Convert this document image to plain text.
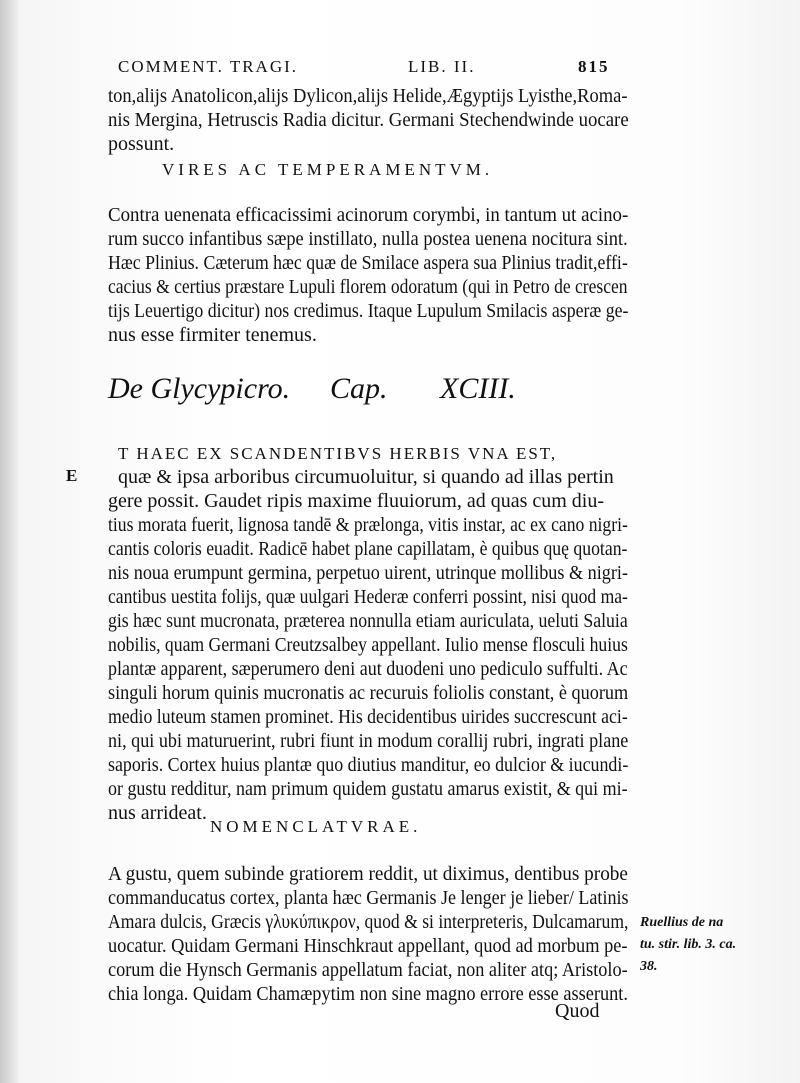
COMMENT. TRAGI.	LIB. II.	815
ton,alijs Anatolicon,alijs Dylicon,alijs Helide,Ægyptijs Lyisthe,Roma-
nis Mergina, Hetruscis Radia dicitur. Germani Stechendwinde uocare
possunt.
VIRES AC TEMPERAMENTVM.
Contra uenenata efficacissimi acinorum corymbi, in tantum ut acino-
rum succo infantibus sæpe instillato, nulla postea uenena nocitura sint.
Hæc Plinius. Cæterum hæc quæ de Smilace aspera sua Plinius tradit,effi-
cacius & certius præstare Lupuli florem odoratum (qui in Petro de crescen
tijs Leuertigo dicitur) nos credimus. Itaque Lupulum Smilacis asperæ ge-
nus esse firmiter tenemus.
De Glycypicro. Cap. XCIII.
T HAEC EX SCANDENTIBVS HERBIS VNA EST,
E quæ & ipsa arboribus circumuoluitur, si quando ad illas pertin
gere possit. Gaudet ripis maxime fluuiorum, ad quas cum diu-
tius morata fuerit, lignosa tandē & prælonga, vitis instar, ac ex cano nigri-
cantis coloris euadit. Radicē habet plane capillatam, è quibus quę quotan-
nis noua erumpunt germina, perpetuo uirent, utrinque mollibus & nigri-
cantibus uestita folijs, quæ uulgari Hederæ conferri possint, nisi quod ma-
gis hæc sunt mucronata, præterea nonnulla etiam auriculata, ueluti Saluia
nobilis, quam Germani Creutzsalbey appellant. Iulio mense flosculi huius
plantæ apparent, sæperumero deni aut duodeni uno pediculo suffulti. Ac
singuli horum quinis mucronatis ac recuruis foliolis constant, è quorum
medio luteum stamen prominet. His decidentibus uirides succrescunt aci-
ni, qui ubi maturuerint, rubri fiunt in modum corallij rubri, ingrati plane
saporis. Cortex huius plantæ quo diutius manditur, eo dulcior & iucundi-
or gustu redditur, nam primum quidem gustatu amarus existit, & qui mi-
nus arrideat.
NOMENCLATVRAE.
A gustu, quem subinde gratiorem reddit, ut diximus, dentibus probe
commanducatus cortex, planta hæc Germanis Je lenger je lieber/ Latinis
Amara dulcis, Græcis γλυκύπικρον, quod & si interpreteris, Dulcamarum,
uocatur. Quidam Germani Hinschkraut appellant, quod ad morbum pe-
corum die Hynsch Germanis appellatum faciat, non aliter atq; Aristolo-
chia longa. Quidam Chamæpytim non sine magno errore esse asserunt.
Ruellius de na
tu. stir. lib. 3. ca.
38.
Quod
